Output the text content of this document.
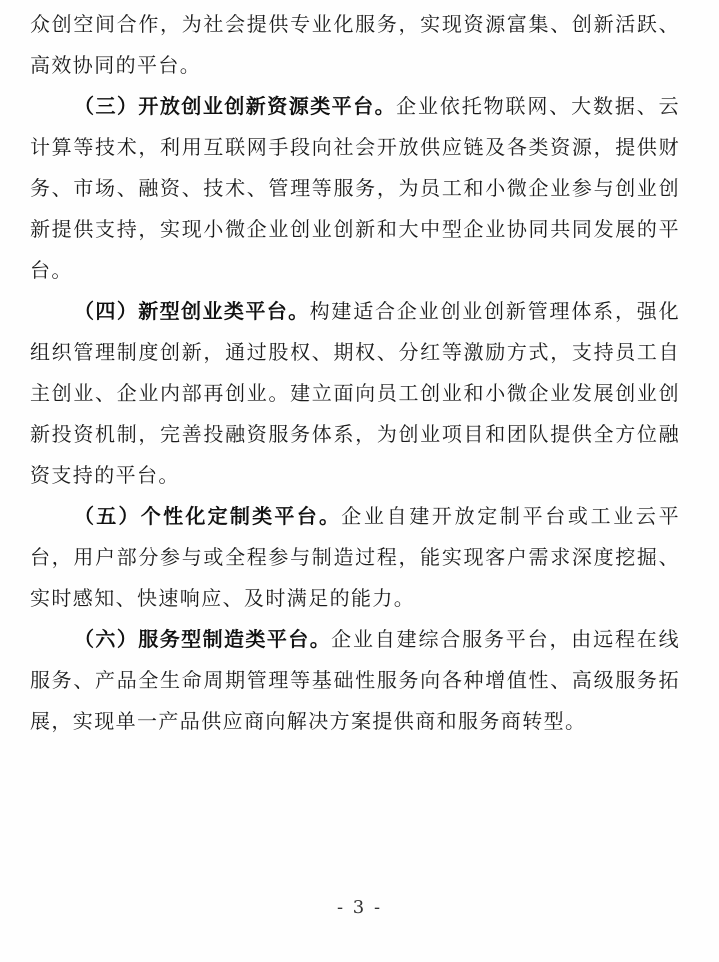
众创空间合作，为社会提供专业化服务，实现资源富集、创新活跃、高效协同的平台。

（三）开放创业创新资源类平台。企业依托物联网、大数据、云计算等技术，利用互联网手段向社会开放供应链及各类资源，提供财务、市场、融资、技术、管理等服务，为员工和小微企业参与创业创新提供支持，实现小微企业创业创新和大中型企业协同共同发展的平台。

（四）新型创业类平台。构建适合企业创业创新管理体系，强化组织管理制度创新，通过股权、期权、分红等激励方式，支持员工自主创业、企业内部再创业。建立面向员工创业和小微企业发展创业创新投资机制，完善投融资服务体系，为创业项目和团队提供全方位融资支持的平台。

（五）个性化定制类平台。企业自建开放定制平台或工业云平台，用户部分参与或全程参与制造过程，能实现客户需求深度挖掘、实时感知、快速响应、及时满足的能力。

（六）服务型制造类平台。企业自建综合服务平台，由远程在线服务、产品全生命周期管理等基础性服务向各种增值性、高级服务拓展，实现单一产品供应商向解决方案提供商和服务商转型。

- 3 -
